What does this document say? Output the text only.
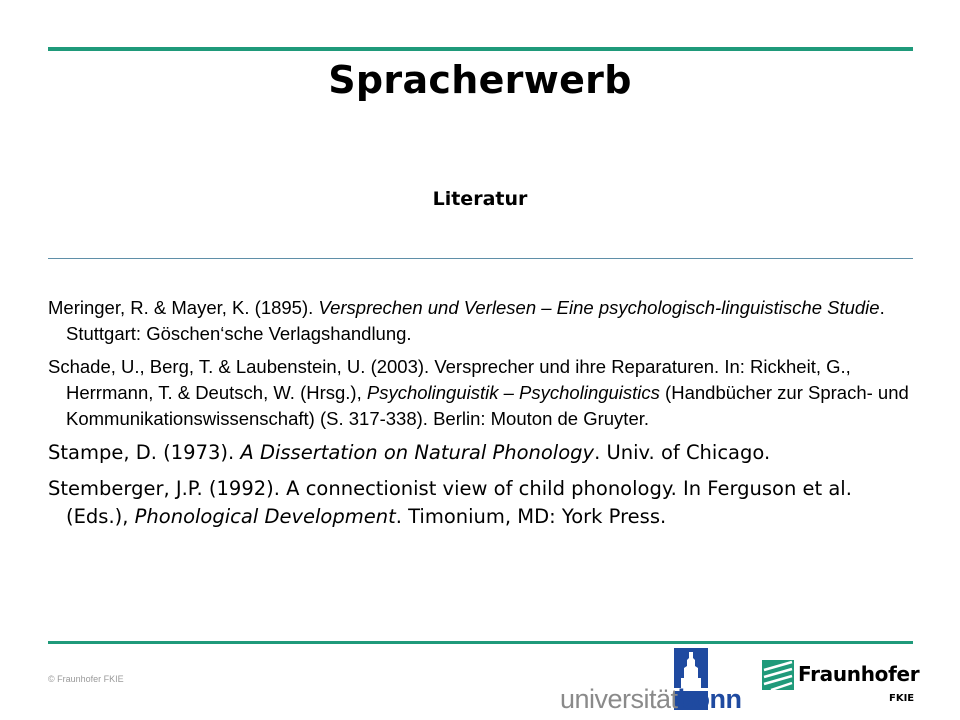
Spracherwerb
Literatur
Meringer, R. & Mayer, K. (1895). Versprechen und Verlesen – Eine psychologisch-linguistische Studie. Stuttgart: Göschen‘sche Verlagshandlung.
Schade, U., Berg, T. & Laubenstein, U. (2003). Versprecher und ihre Reparaturen. In: Rickheit, G., Herrmann, T. & Deutsch, W. (Hrsg.), Psycholinguistik – Psycholinguistics (Handbücher zur Sprach- und Kommunikationswissenschaft) (S. 317-338). Berlin: Mouton de Gruyter.
Stampe, D. (1973). A Dissertation on Natural Phonology. Univ. of Chicago.
Stemberger, J.P. (1992). A connectionist view of child phonology. In Ferguson et al. (Eds.), Phonological Development. Timonium, MD: York Press.
© Fraunhofer FKIE
universitätbonn
Fraunhofer
FKIE
